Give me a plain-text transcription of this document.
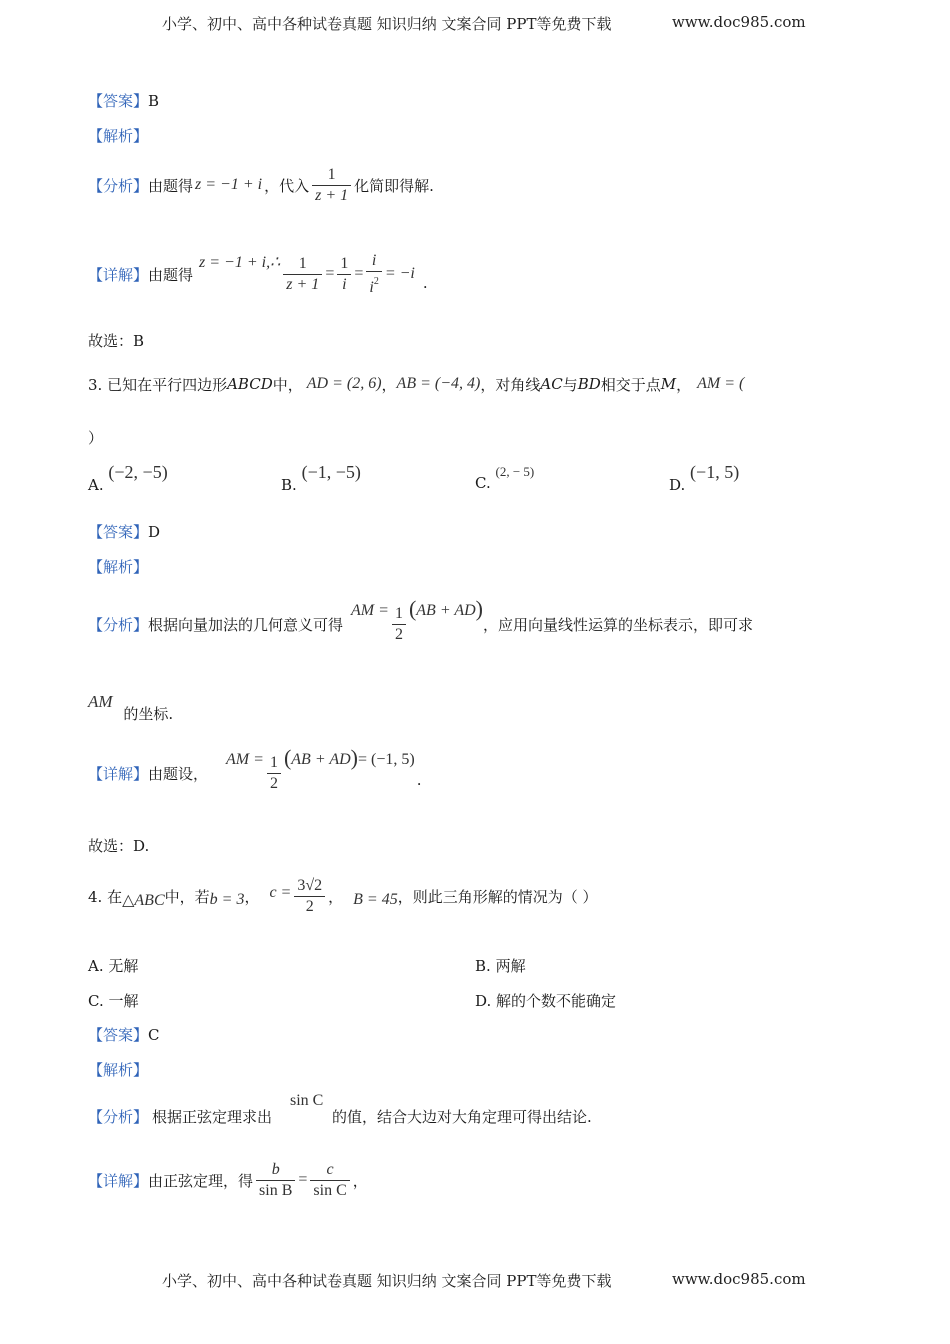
小学、初中、高中各种试卷真题 知识归纳 文案合同 PPT等免费下载	www.doc985.com
【答案】B
【解析】
【分析】 由题得 z = −1 + i ，代入 $\frac{1}{z + 1}$ 化简即得解.
【详解】 由题得
z = −1 + i,∴ $\frac{1}{z + 1} = \frac{1}{i} = \frac{i}{i^2} = -i$
.
故选：B
3. 已知在平行四边形 ABCD 中， AD = (2, 6) ， AB = (−4, 4) ，对角线 AC 与 BD 相交于点 M ， AM = (
）
A. (−2, −5)
B. (−1, −5)
C. (2, − 5)
D. (−1, 5)
【答案】D
【解析】
【分析】 根据向量加法的几何意义可得
AM = $\frac{1}{2}$ ( AB + AD )
，应用向量线性运算的坐标表示，即可求
AM 的坐标.
【详解】 由题设，
AM = $\frac{1}{2}$ ( AB + AD ) = (−1, 5)
.
故选：D.
4. 在 △ABC 中，若 b = 3 ， $c = \frac{3√2}{2}$ ， B = 45 ，则此三角形解的情况为（ ）
A. 无解	B. 两解
C. 一解	D. 解的个数不能确定
【答案】C
【解析】
【分析】 根据正弦定理求出
sin C
的值，结合大边对大角定理可得出结论.
【详解】 由正弦定理，得 $\frac{b}{\text{sin B}} = \frac{c}{\text{sin C}}$ ，
小学、初中、高中各种试卷真题 知识归纳 文案合同 PPT等免费下载	www.doc985.com
